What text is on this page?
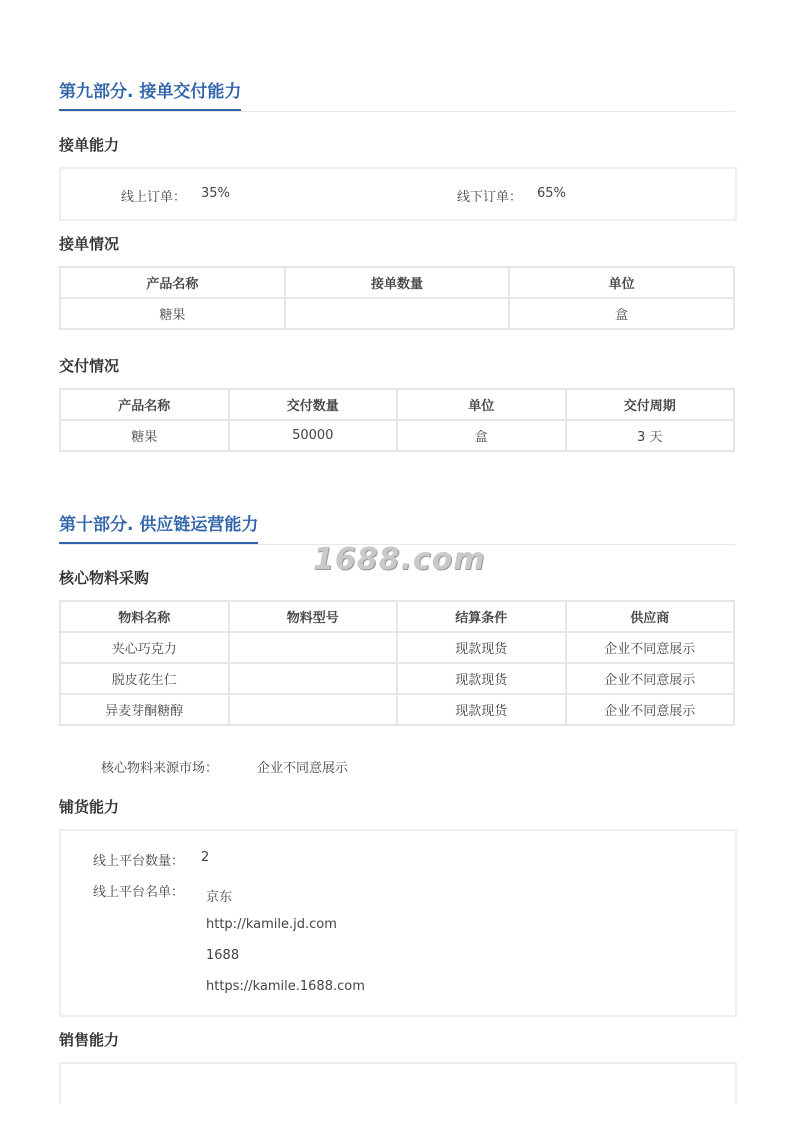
第九部分. 接单交付能力
接单能力
线上订单： 35%	线下订单： 65%
接单情况
产品名称	接单数量	单位
糖果		盒
交付情况
产品名称	交付数量	单位	交付周期
糖果	50000	盒	3 天
第十部分. 供应链运营能力
1688.com
核心物料采购
物料名称	物料型号	结算条件	供应商
夹心巧克力		现款现货	企业不同意展示
脱皮花生仁		现款现货	企业不同意展示
异麦芽酮糖醇		现款现货	企业不同意展示
核心物料来源市场：	企业不同意展示
铺货能力
线上平台数量： 2
线上平台名单： 京东
http://kamile.jd.com
1688
https://kamile.1688.com
销售能力
